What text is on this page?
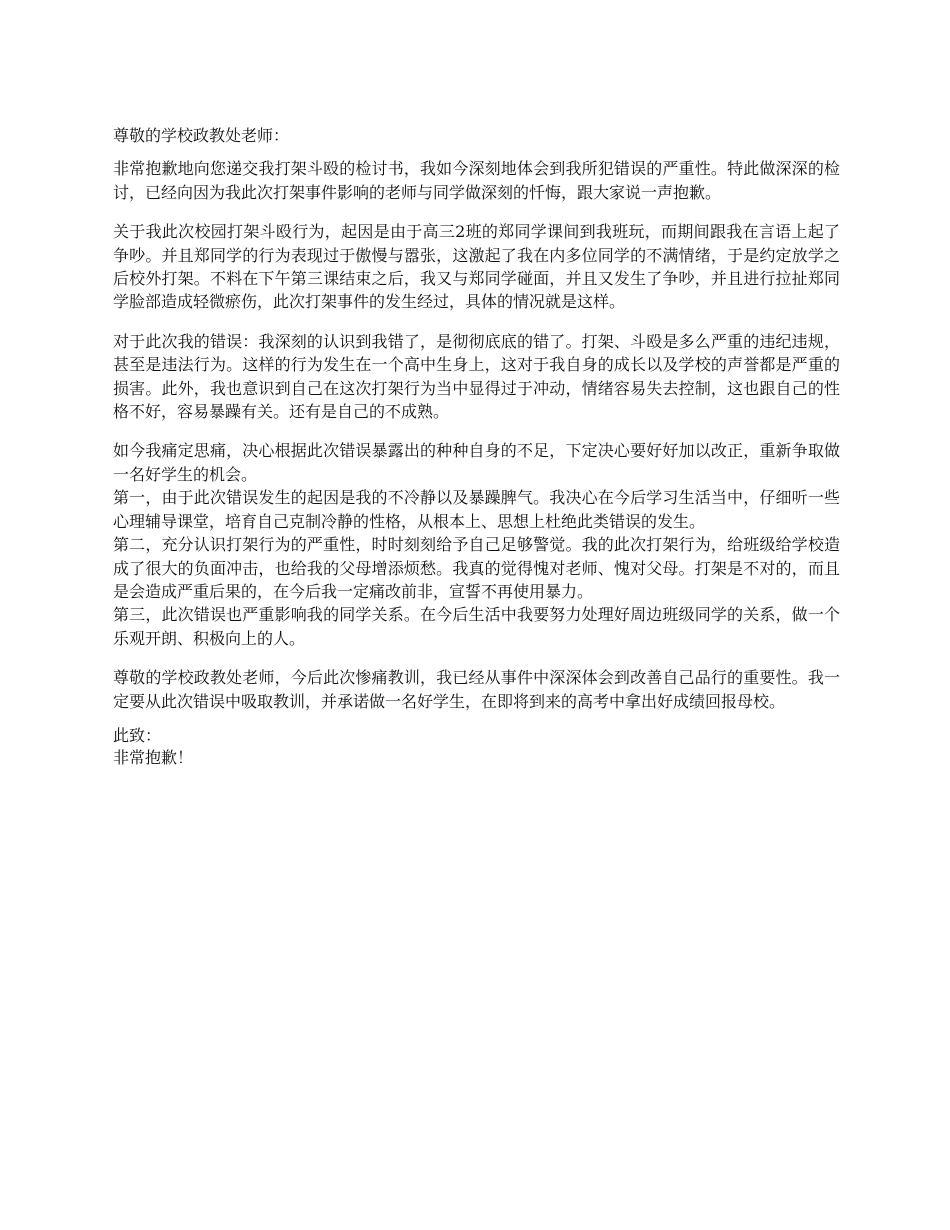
尊敬的学校政教处老师：

非常抱歉地向您递交我打架斗殴的检讨书，我如今深刻地体会到我所犯错误的严重性。特此做深深的检讨，已经向因为我此次打架事件影响的老师与同学做深刻的忏悔，跟大家说一声抱歉。

关于我此次校园打架斗殴行为，起因是由于高三2班的郑同学课间到我班玩，而期间跟我在言语上起了争吵。并且郑同学的行为表现过于傲慢与嚣张，这激起了我在内多位同学的不满情绪，于是约定放学之后校外打架。不料在下午第三课结束之后，我又与郑同学碰面，并且又发生了争吵，并且进行拉扯郑同学脸部造成轻微瘀伤，此次打架事件的发生经过，具体的情况就是这样。

对于此次我的错误：我深刻的认识到我错了，是彻彻底底的错了。打架、斗殴是多么严重的违纪违规，甚至是违法行为。这样的行为发生在一个高中生身上，这对于我自身的成长以及学校的声誉都是严重的损害。此外，我也意识到自己在这次打架行为当中显得过于冲动，情绪容易失去控制，这也跟自己的性格不好，容易暴躁有关。还有是自己的不成熟。

如今我痛定思痛，决心根据此次错误暴露出的种种自身的不足，下定决心要好好加以改正，重新争取做一名好学生的机会。

第一，由于此次错误发生的起因是我的不冷静以及暴躁脾气。我决心在今后学习生活当中，仔细听一些心理辅导课堂，培育自己克制冷静的性格，从根本上、思想上杜绝此类错误的发生。

第二，充分认识打架行为的严重性，时时刻刻给予自己足够警觉。我的此次打架行为，给班级给学校造成了很大的负面冲击，也给我的父母增添烦愁。我真的觉得愧对老师、愧对父母。打架是不对的，而且是会造成严重后果的，在今后我一定痛改前非，宣誓不再使用暴力。

第三，此次错误也严重影响我的同学关系。在今后生活中我要努力处理好周边班级同学的关系，做一个乐观开朗、积极向上的人。

尊敬的学校政教处老师，今后此次惨痛教训，我已经从事件中深深体会到改善自己品行的重要性。我一定要从此次错误中吸取教训，并承诺做一名好学生，在即将到来的高考中拿出好成绩回报母校。

此致：
非常抱歉！
